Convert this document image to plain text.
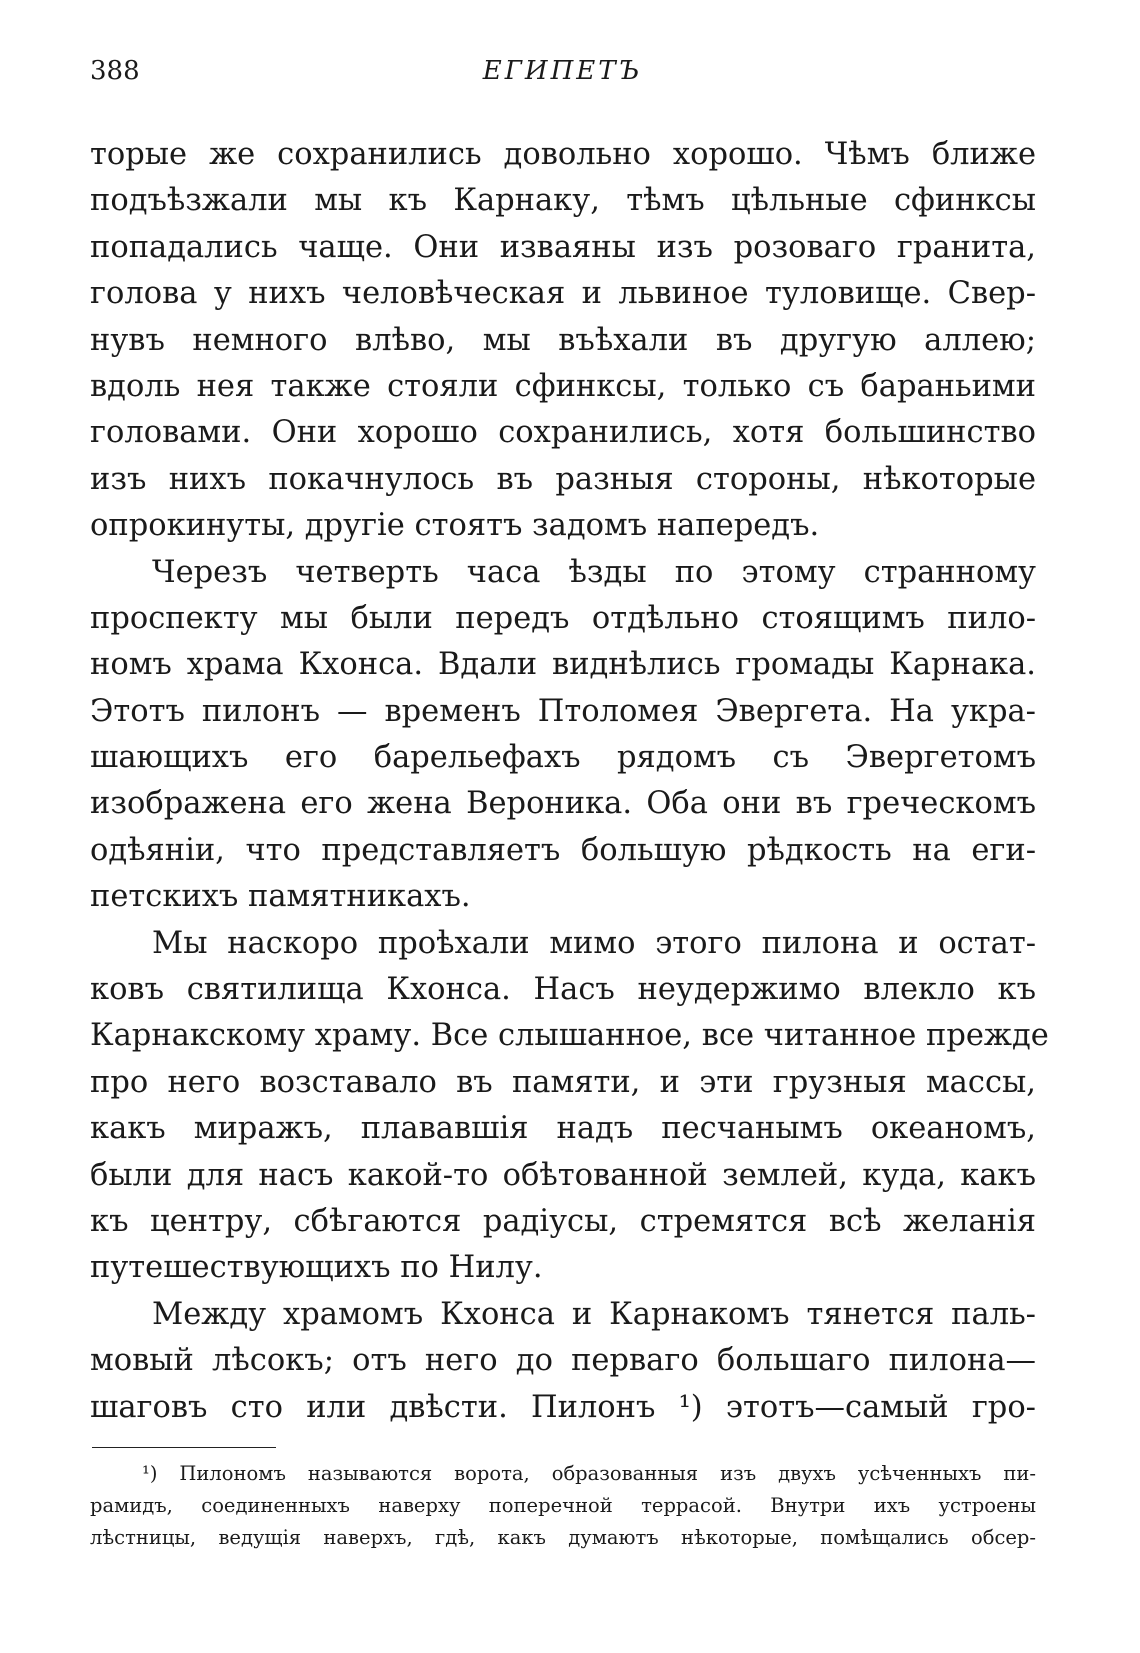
388	ЕГИПЕТЪ
торые же сохранились довольно хорошо. Чѣмъ ближе
подъѣзжали мы къ Карнаку, тѣмъ цѣльные сфинксы
попадались чаще. Они изваяны изъ розоваго гранита,
голова у нихъ человѣческая и львиное туловище. Свер-
нувъ немного влѣво, мы въѣхали въ другую аллею;
вдоль нея также стояли сфинксы, только съ бараньими
головами. Они хорошо сохранились, хотя большинство
изъ нихъ покачнулось въ разныя стороны, нѣкоторые
опрокинуты, другіе стоятъ задомъ напередъ.
Черезъ четверть часа ѣзды по этому странному
проспекту мы были передъ отдѣльно стоящимъ пило-
номъ храма Кхонса. Вдали виднѣлись громады Карнака.
Этотъ пилонъ — временъ Птоломея Эвергета. На укра-
шающихъ его барельефахъ рядомъ съ Эвергетомъ
изображена его жена Вероника. Оба они въ греческомъ
одѣяніи, что представляетъ большую рѣдкость на еги-
петскихъ памятникахъ.
Мы наскоро проѣхали мимо этого пилона и остат-
ковъ святилища Кхонса. Насъ неудержимо влекло къ
Карнакскому храму. Все слышанное, все читанное прежде
про него возставало въ памяти, и эти грузныя массы,
какъ миражъ, плававшія надъ песчанымъ океаномъ,
были для насъ какой-то обѣтованной землей, куда, какъ
къ центру, сбѣгаются радіусы, стремятся всѣ желанія
путешествующихъ по Нилу.
Между храмомъ Кхонса и Карнакомъ тянется паль-
мовый лѣсокъ; отъ него до перваго большаго пилона—
шаговъ сто или двѣсти. Пилонъ ¹) этотъ—самый гро-
¹) Пилономъ называются ворота, образованныя изъ двухъ усѣченныхъ пи-
рамидъ, соединенныхъ наверху поперечной террасой. Внутри ихъ устроены
лѣстницы, ведущія наверхъ, гдѣ, какъ думаютъ нѣкоторые, помѣщались обсер-
